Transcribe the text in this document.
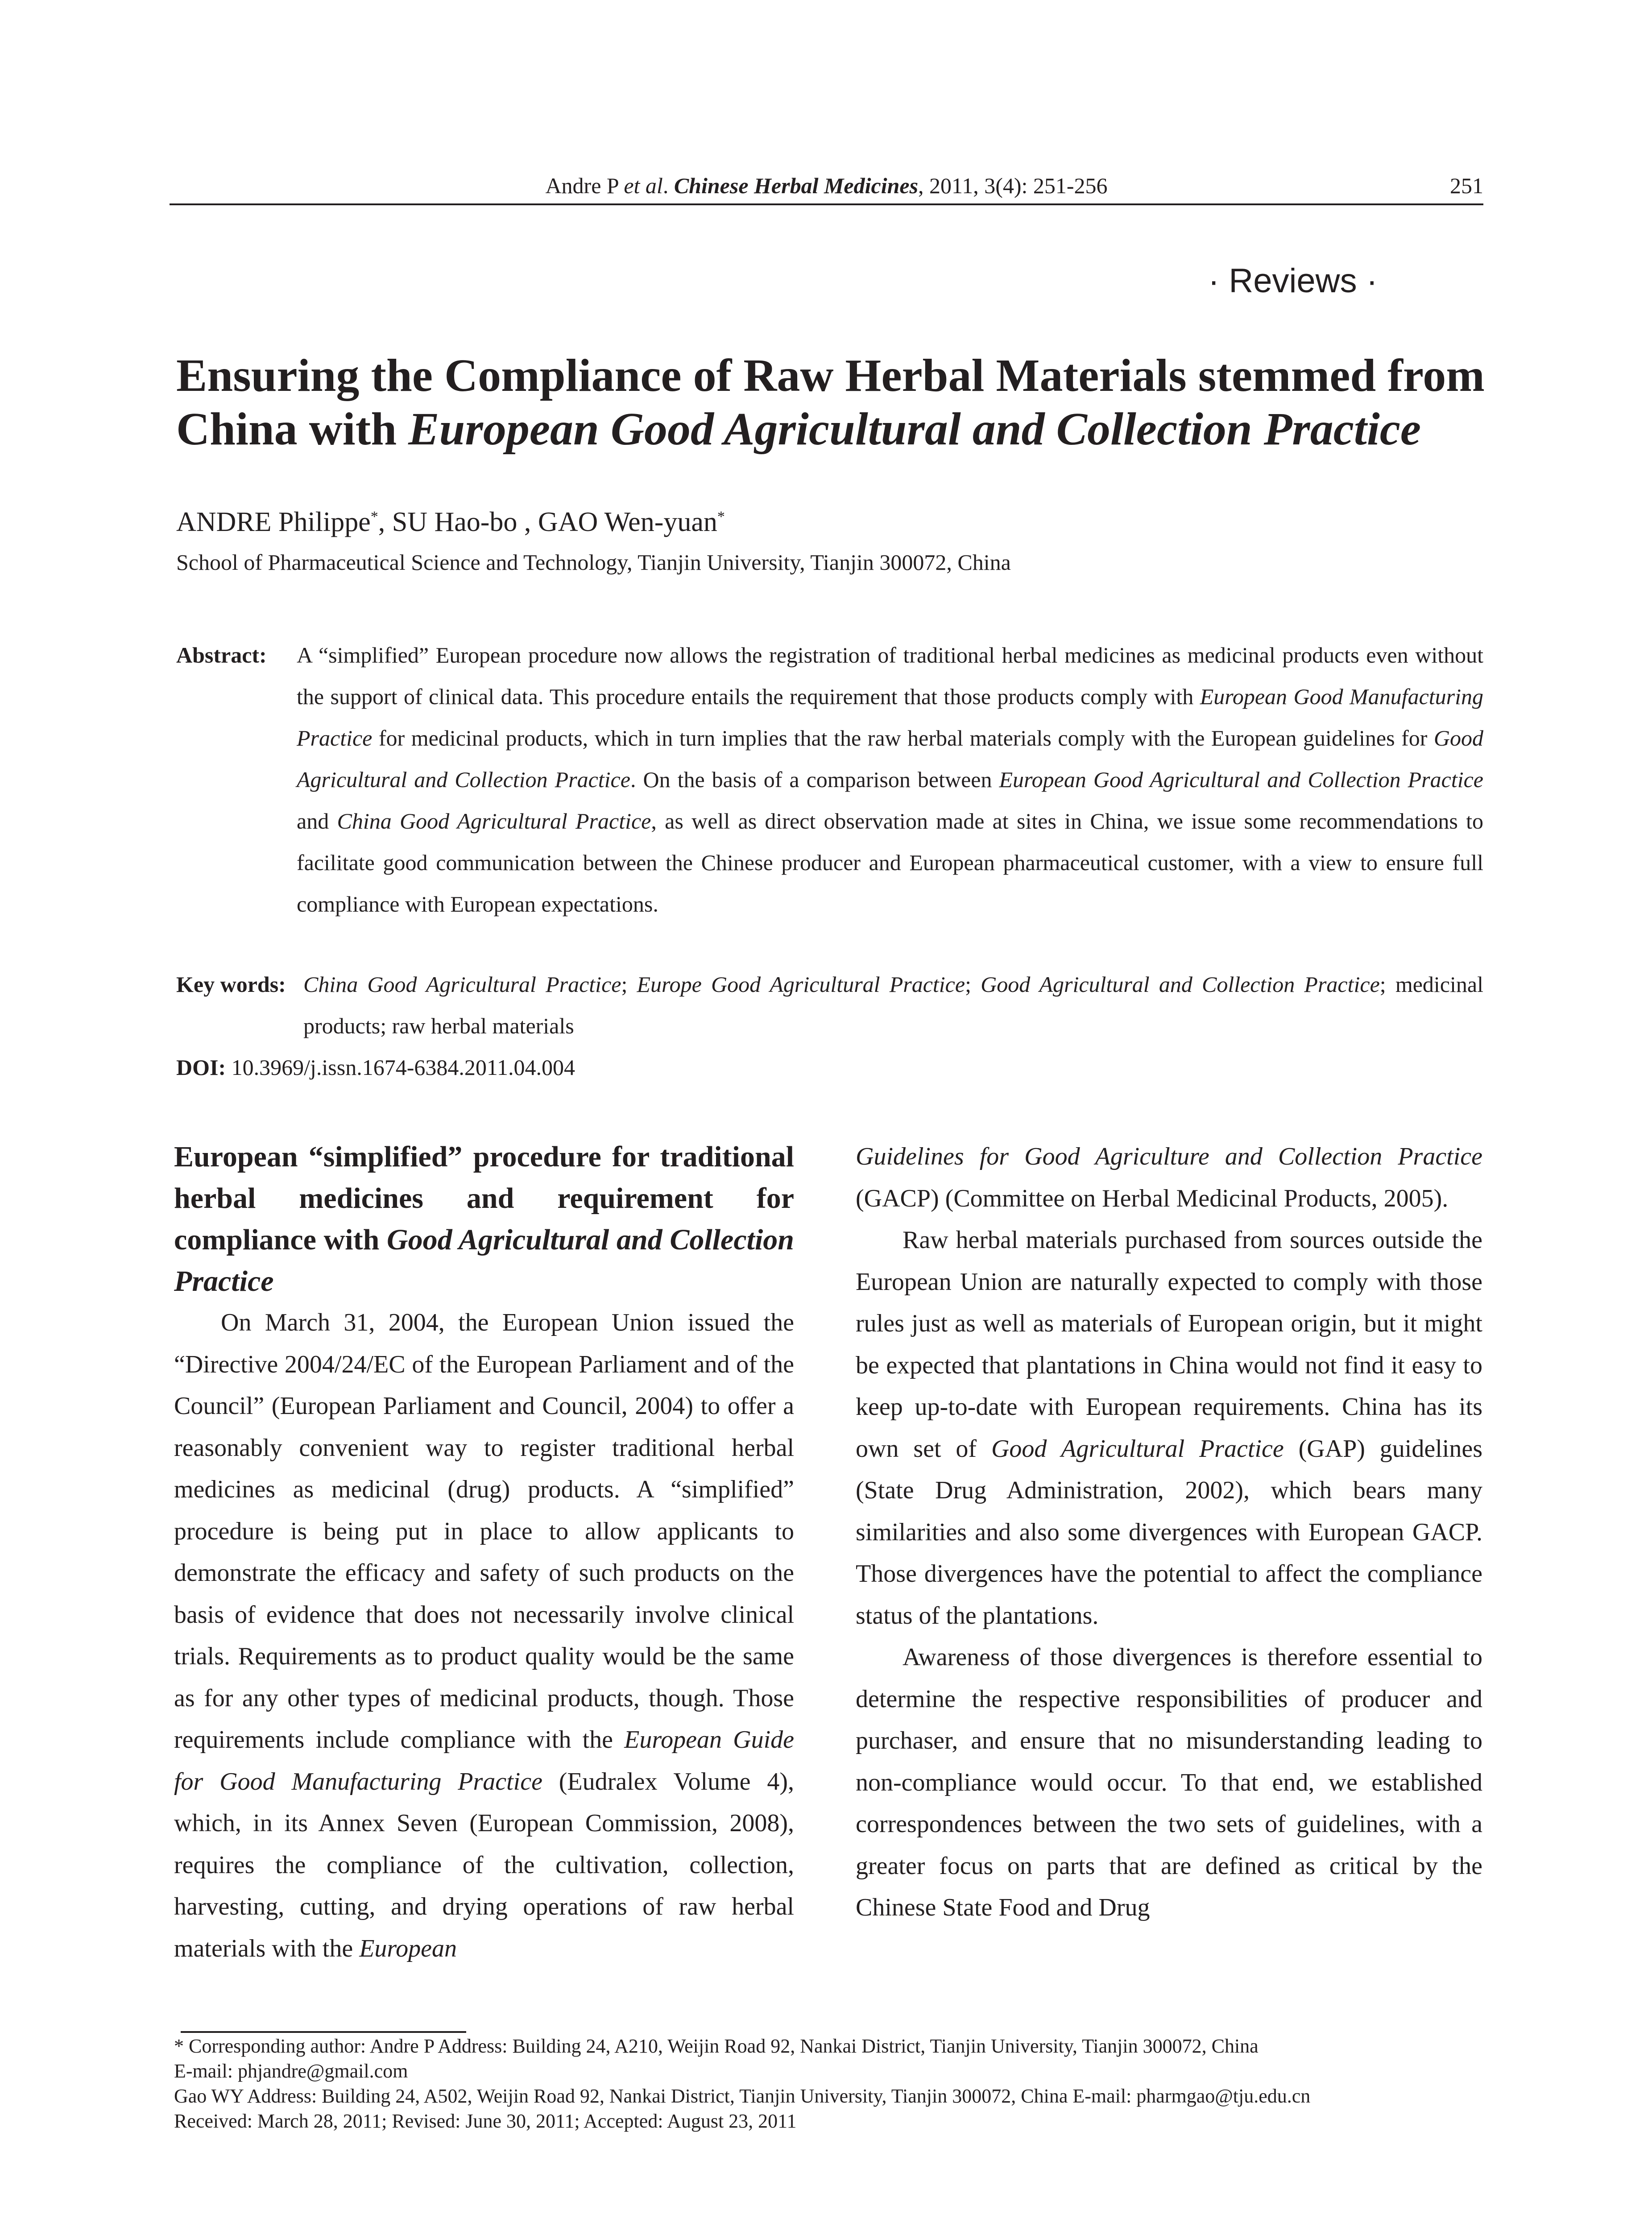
Andre P et al. Chinese Herbal Medicines, 2011, 3(4): 251-256	251
· Reviews ·
Ensuring the Compliance of Raw Herbal Materials stemmed from
China with European Good Agricultural and Collection Practice
ANDRE Philippe*, SU Hao-bo , GAO Wen-yuan*
School of Pharmaceutical Science and Technology, Tianjin University, Tianjin 300072, China
Abstract: A “simplified” European procedure now allows the registration of traditional herbal medicines as medicinal products even without the support of clinical data. This procedure entails the requirement that those products comply with European Good Manufacturing Practice for medicinal products, which in turn implies that the raw herbal materials comply with the European guidelines for Good Agricultural and Collection Practice. On the basis of a comparison between European Good Agricultural and Collection Practice and China Good Agricultural Practice, as well as direct observation made at sites in China, we issue some recommendations to facilitate good communication between the Chinese producer and European pharmaceutical customer, with a view to ensure full compliance with European expectations.
Key words: China Good Agricultural Practice; Europe Good Agricultural Practice; Good Agricultural and Collection Practice; medicinal products; raw herbal materials
DOI: 10.3969/j.issn.1674-6384.2011.04.004

European “simplified” procedure for traditional herbal medicines and requirement for compliance with Good Agricultural and Collection Practice

On March 31, 2004, the European Union issued the “Directive 2004/24/EC of the European Parliament and of the Council” (European Parliament and Council, 2004) to offer a reasonably convenient way to register traditional herbal medicines as medicinal (drug) products. A “simplified” procedure is being put in place to allow applicants to demonstrate the efficacy and safety of such products on the basis of evidence that does not necessarily involve clinical trials. Requirements as to product quality would be the same as for any other types of medicinal products, though. Those requirements include compliance with the European Guide for Good Manufacturing Practice (Eudralex Volume 4), which, in its Annex Seven (European Commission, 2008), requires the compliance of the cultivation, collection, harvesting, cutting, and drying operations of raw herbal materials with the European

Guidelines for Good Agriculture and Collection Practice (GACP) (Committee on Herbal Medicinal Products, 2005).

Raw herbal materials purchased from sources outside the European Union are naturally expected to comply with those rules just as well as materials of European origin, but it might be expected that plantations in China would not find it easy to keep up-to-date with European requirements. China has its own set of Good Agricultural Practice (GAP) guidelines (State Drug Administration, 2002), which bears many similarities and also some divergences with European GACP. Those divergences have the potential to affect the compliance status of the plantations.

Awareness of those divergences is therefore essential to determine the respective responsibilities of producer and purchaser, and ensure that no misunderstanding leading to non-compliance would occur. To that end, we established correspondences between the two sets of guidelines, with a greater focus on parts that are defined as critical by the Chinese State Food and Drug

* Corresponding author: Andre P Address: Building 24, A210, Weijin Road 92, Nankai District, Tianjin University, Tianjin 300072, China

E-mail: phjandre@gmail.com

Gao WY Address: Building 24, A502, Weijin Road 92, Nankai District, Tianjin University, Tianjin 300072, China E-mail: pharmgao@tju.edu.cn

Received: March 28, 2011; Revised: June 30, 2011; Accepted: August 23, 2011
